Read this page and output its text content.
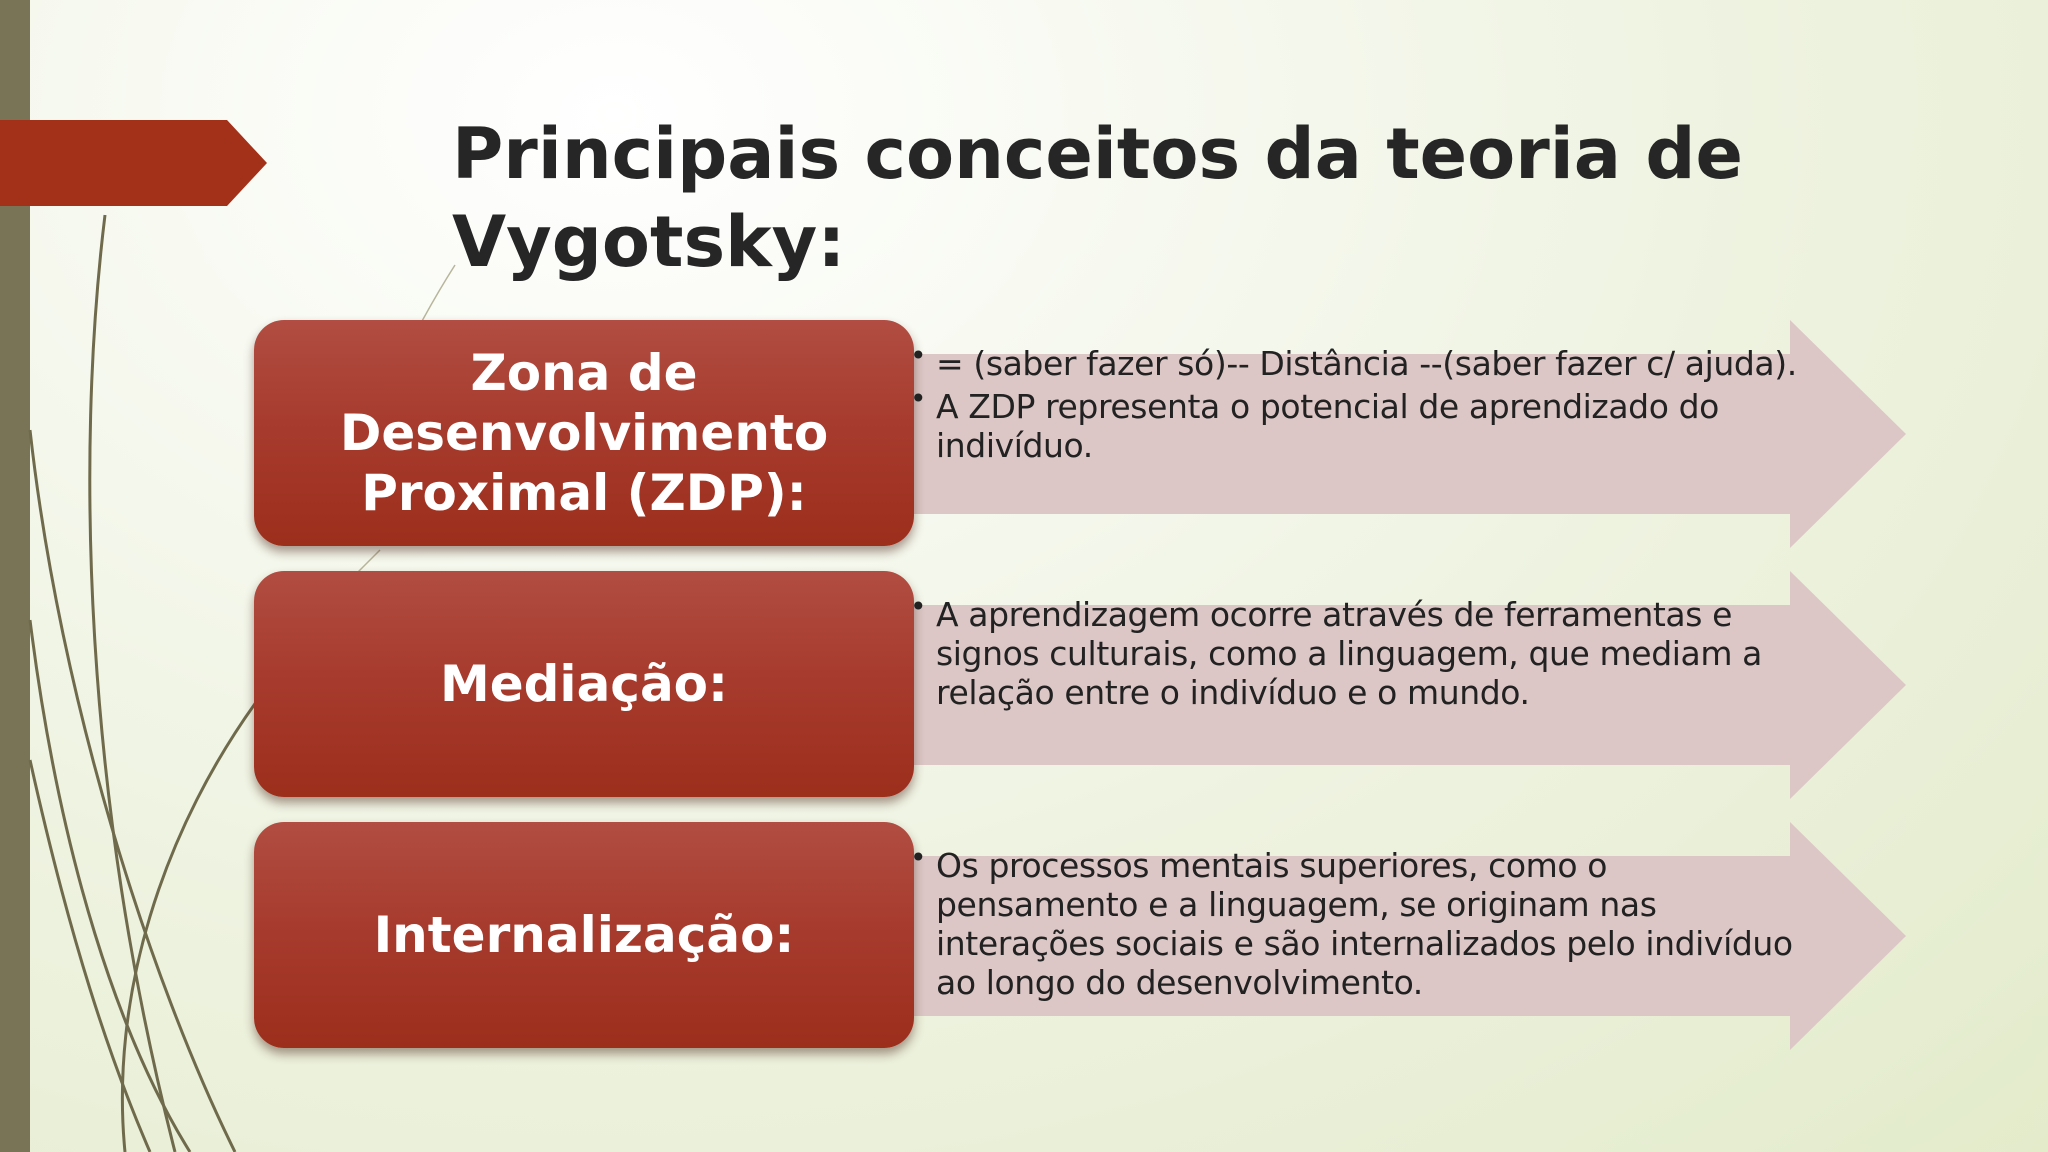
Principais conceitos da teoria de Vygotsky:
Zona de Desenvolvimento Proximal (ZDP):
• = (saber fazer só)-- Distância --(saber fazer c/ ajuda).
• A ZDP representa o potencial de aprendizado do indivíduo.
Mediação:
• A aprendizagem ocorre através de ferramentas e signos culturais, como a linguagem, que mediam a relação entre o indivíduo e o mundo.
Internalização:
• Os processos mentais superiores, como o pensamento e a linguagem, se originam nas interações sociais e são internalizados pelo indivíduo ao longo do desenvolvimento.
